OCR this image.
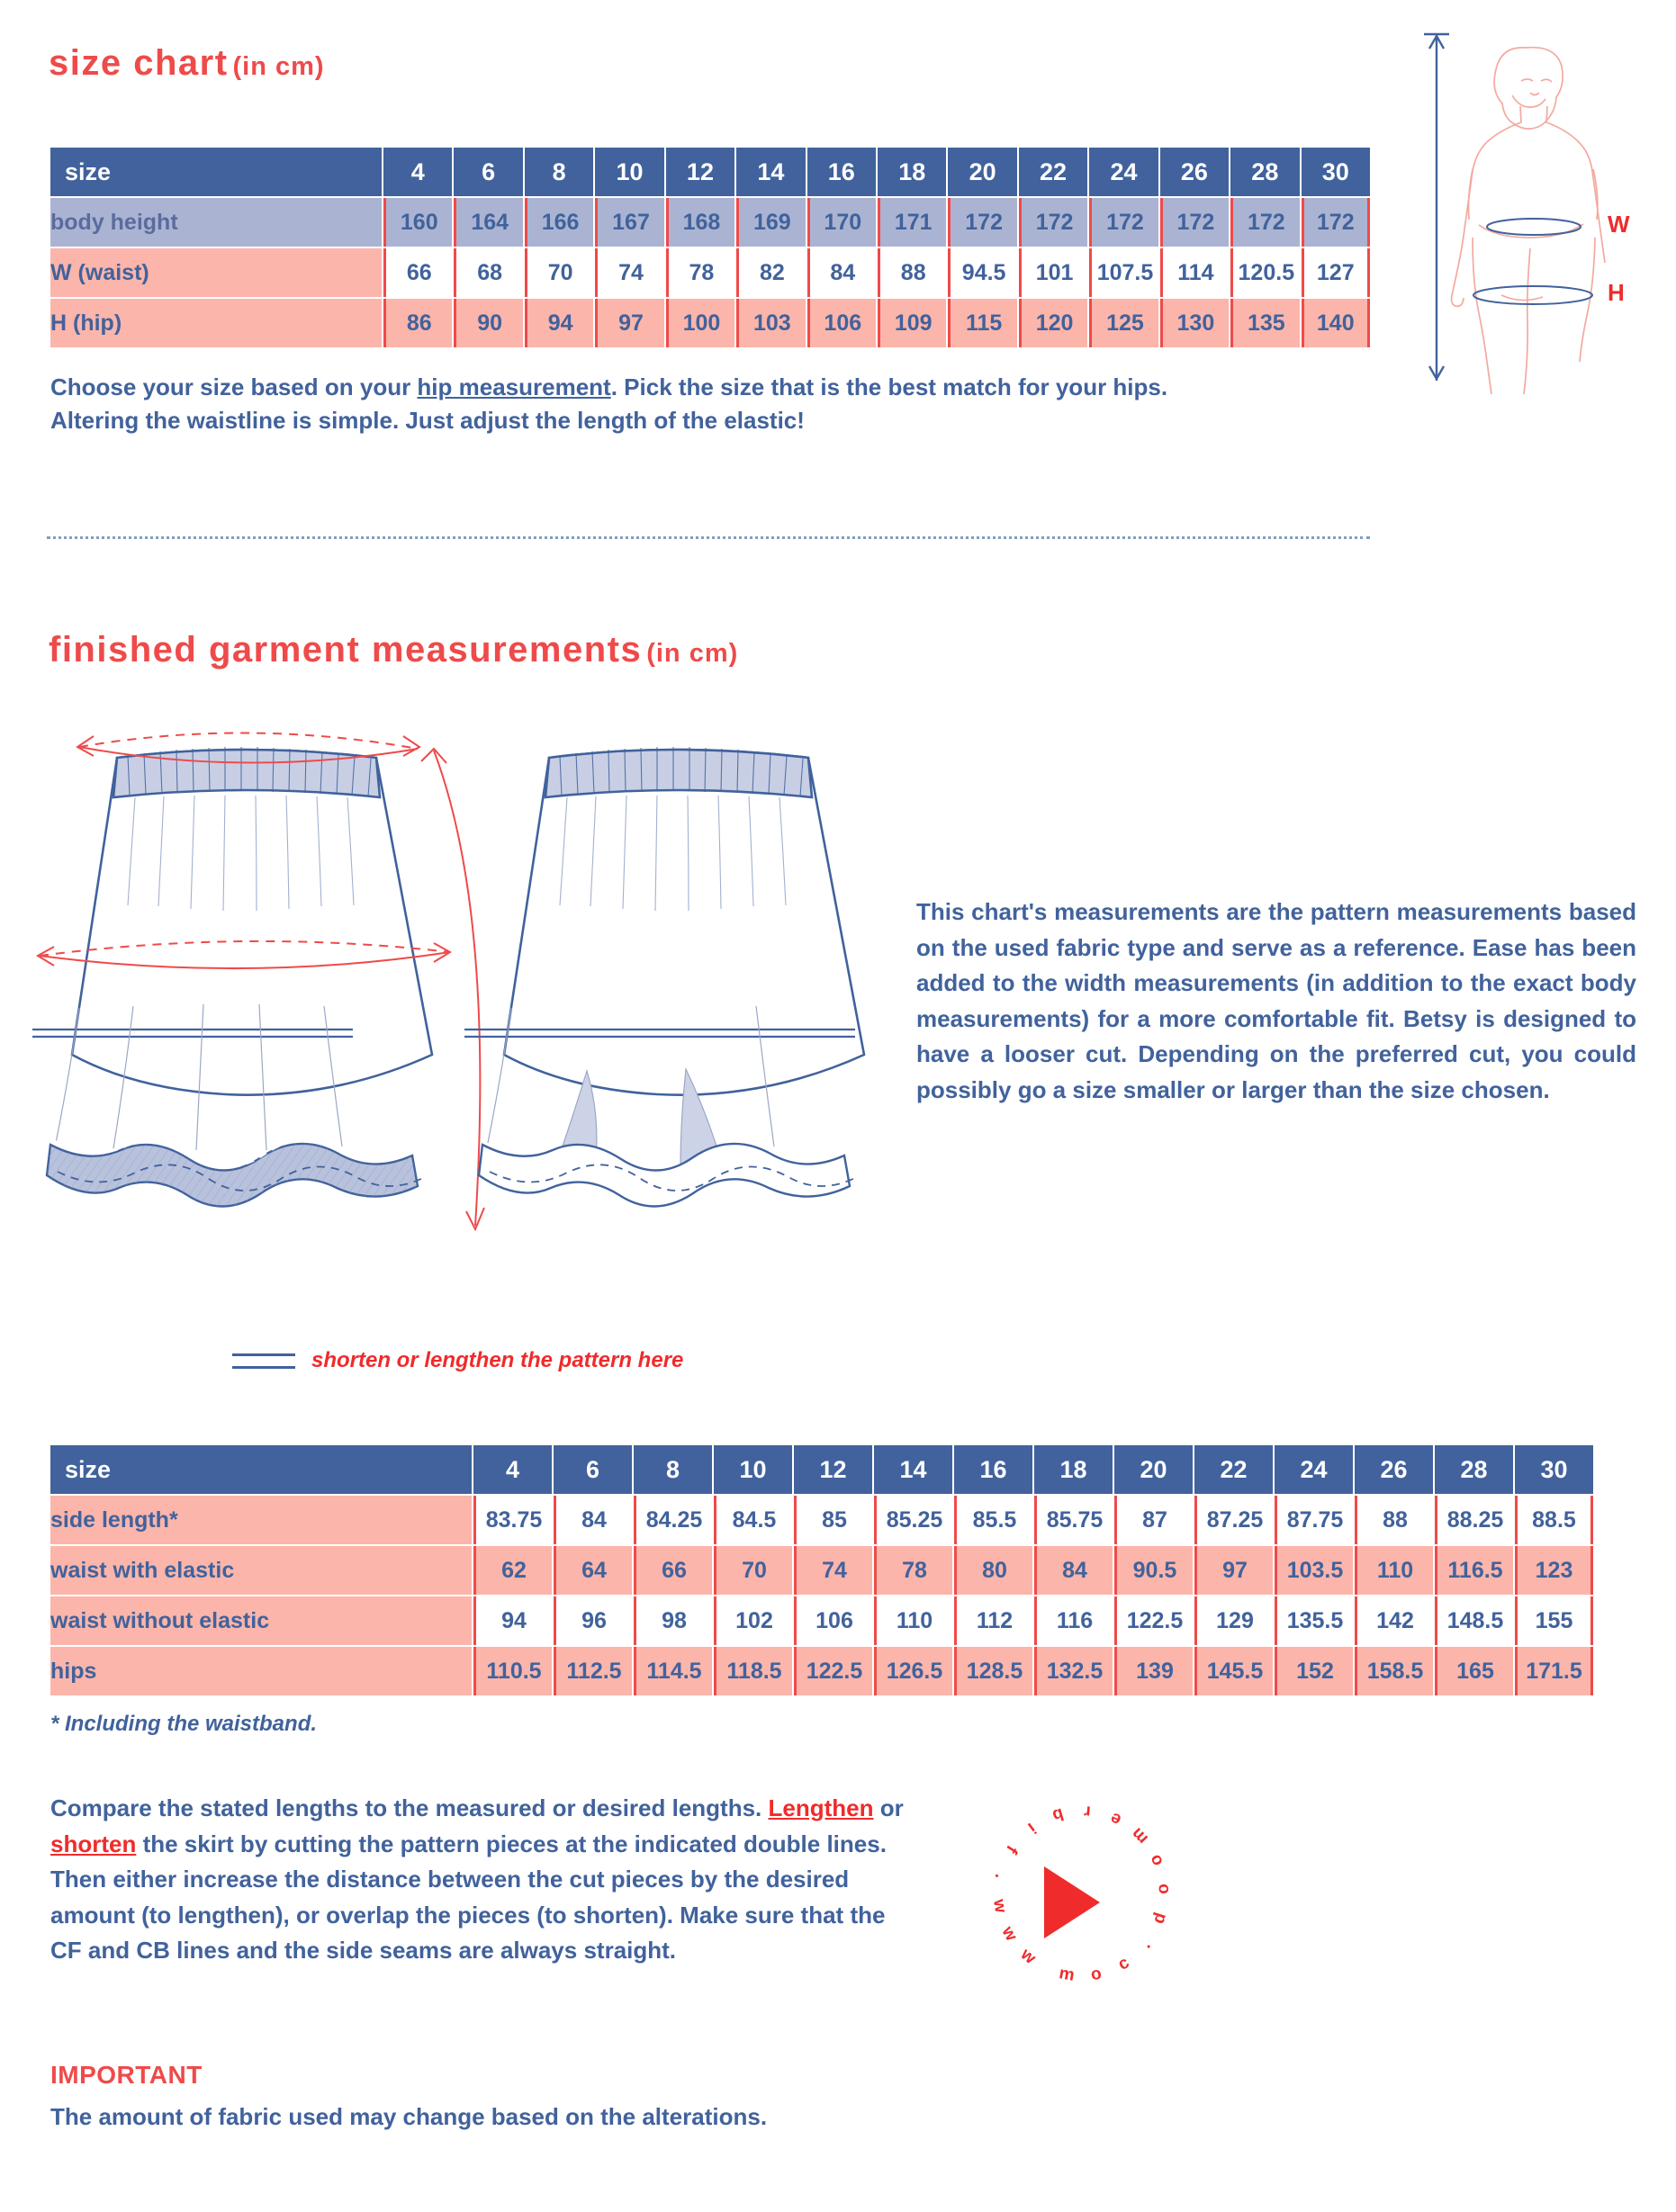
size chart (in cm)
W
H
size	4	6	8	10	12	14	16	18	20	22	24	26	28	30
body height	160	164	166	167	168	169	170	171	172	172	172	172	172	172
W (waist)	66	68	70	74	78	82	84	88	94.5	101	107.5	114	120.5	127
H (hip)	86	90	94	97	100	103	106	109	115	120	125	130	135	140
Choose your size based on your hip measurement. Pick the size that is the best match for your hips.
Altering the waistline is simple. Just adjust the length of the elastic!
finished garment measurements (in cm)
This chart's measurements are the pattern measurements based on the used fabric type and serve as a reference. Ease has been added to the width measurements (in addition to the exact body measurements) for a more comfortable fit. Betsy is designed to have a looser cut. Depending on the preferred cut, you could possibly go a size smaller or larger than the size chosen.
shorten or lengthen the pattern here
size	4	6	8	10	12	14	16	18	20	22	24	26	28	30
side length*	83.75	84	84.25	84.5	85	85.25	85.5	85.75	87	87.25	87.75	88	88.25	88.5
waist with elastic	62	64	66	70	74	78	80	84	90.5	97	103.5	110	116.5	123
waist without elastic	94	96	98	102	106	110	112	116	122.5	129	135.5	142	148.5	155
hips	110.5	112.5	114.5	118.5	122.5	126.5	128.5	132.5	139	145.5	152	158.5	165	171.5
* Including the waistband.
Compare the stated lengths to the measured or desired lengths. Lengthen or shorten the skirt by cutting the pattern pieces at the indicated double lines. Then either increase the distance between the cut pieces by the desired amount (to lengthen), or overlap the pieces (to shorten). Make sure that the CF and CB lines and the side seams are always straight.	w
w
w
.
f
i
b r e
m
o
o
d
.
c
o
m
IMPORTANT
The amount of fabric used may change based on the alterations.
